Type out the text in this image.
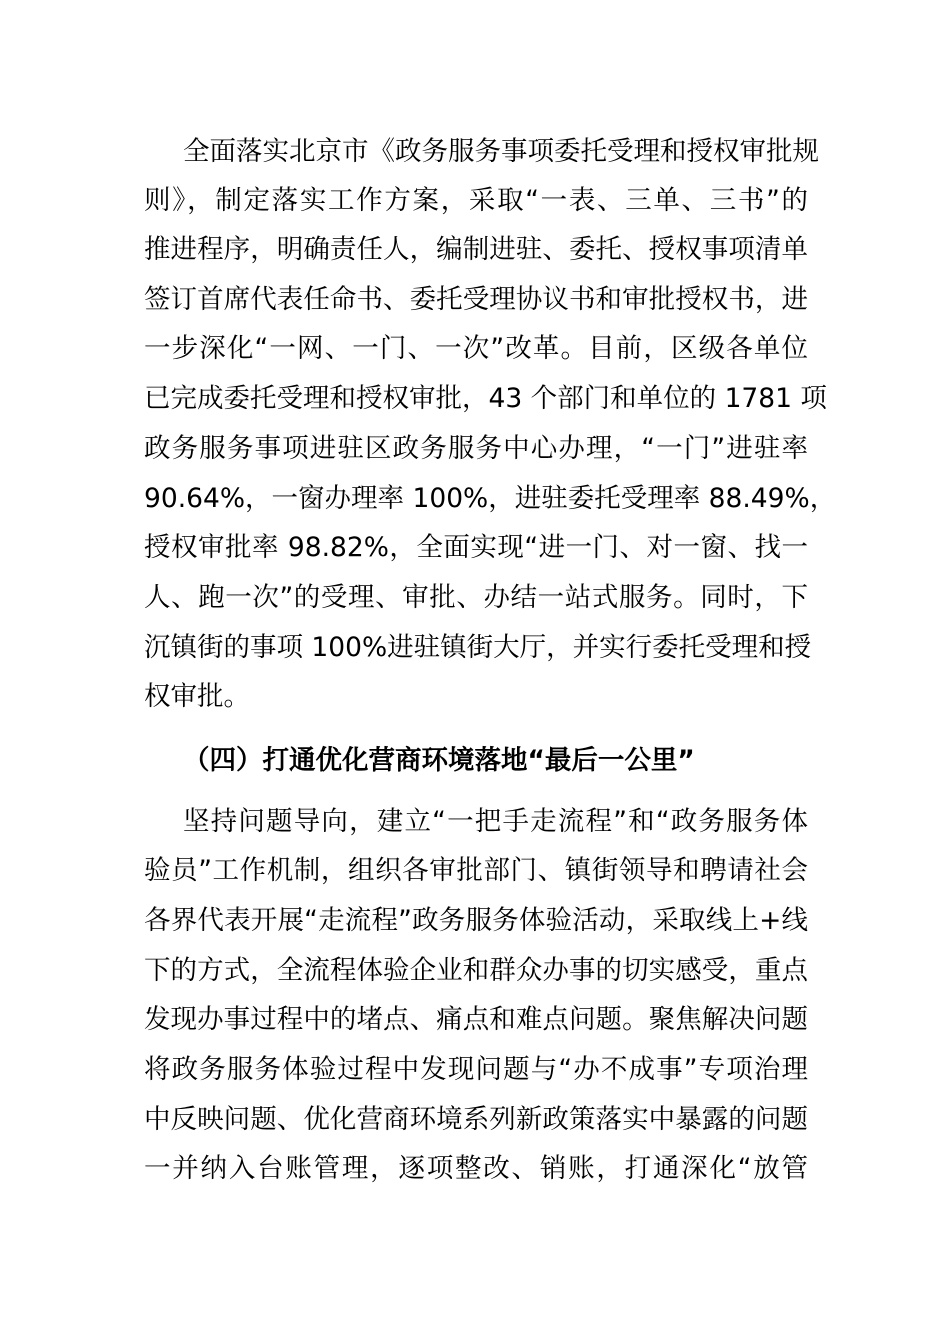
全面落实北京市《政务服务事项委托受理和授权审批规
则》，制定落实工作方案，采取“一表、三单、三书”的
推进程序，明确责任人，编制进驻、委托、授权事项清单
签订首席代表任命书、委托受理协议书和审批授权书，进
一步深化“一网、一门、一次”改革。目前，区级各单位
已完成委托受理和授权审批，43 个部门和单位的 1781 项
政务服务事项进驻区政务服务中心办理，“一门”进驻率
90.64%，一窗办理率 100%，进驻委托受理率 88.49%，
授权审批率 98.82%，全面实现“进一门、对一窗、找一
人、跑一次”的受理、审批、办结一站式服务。同时，下
沉镇街的事项 100%进驻镇街大厅，并实行委托受理和授
权审批。
（四）打通优化营商环境落地“最后一公里”
坚持问题导向，建立“一把手走流程”和“政务服务体
验员”工作机制，组织各审批部门、镇街领导和聘请社会
各界代表开展“走流程”政务服务体验活动，采取线上+线
下的方式，全流程体验企业和群众办事的切实感受，重点
发现办事过程中的堵点、痛点和难点问题。聚焦解决问题
将政务服务体验过程中发现问题与“办不成事”专项治理
中反映问题、优化营商环境系列新政策落实中暴露的问题
一并纳入台账管理，逐项整改、销账，打通深化“放管
